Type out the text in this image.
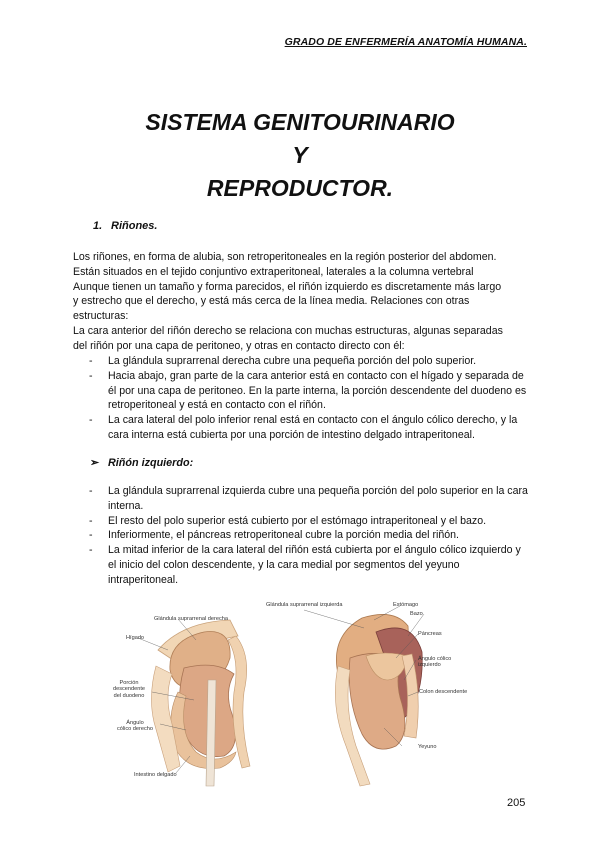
GRADO DE ENFERMERÍA ANATOMÍA HUMANA.
SISTEMA GENITOURINARIO
Y
REPRODUCTOR.
1. Riñones.

Los riñones, en forma de alubia, son retroperitoneales en la región posterior del abdomen.

Están situados en el tejido conjuntivo extraperitoneal, laterales a la columna vertebral

Aunque tienen un tamaño y forma parecidos, el riñón izquierdo es discretamente más largo

y estrecho que el derecho, y está más cerca de la línea media. Relaciones con otras

estructuras:

La cara anterior del riñón derecho se relaciona con muchas estructuras, algunas separadas

del riñón por una capa de peritoneo, y otras en contacto directo con él:

- La glándula suprarrenal derecha cubre una pequeña porción del polo superior.
- Hacia abajo, gran parte de la cara anterior está en contacto con el hígado y separada de él por una capa de peritoneo. En la parte interna, la porción descendente del duodeno es retroperitoneal y está en contacto con el riñón.
- La cara lateral del polo inferior renal está en contacto con el ángulo cólico derecho, y la cara interna está cubierta por una porción de intestino delgado intraperitoneal.
➢ Riñón izquierdo:
- La glándula suprarrenal izquierda cubre una pequeña porción del polo superior en la cara interna.
- El resto del polo superior está cubierto por el estómago intraperitoneal y el bazo.
- Inferiormente, el páncreas retroperitoneal cubre la porción media del riñón.
- La mitad inferior de la cara lateral del riñón está cubierta por el ángulo cólico izquierdo y el inicio del colon descendente, y la cara medial por segmentos del yeyuno intraperitoneal.
Glándula suprarrenal derecha
Hígado
Porción
descendente
del duodeno
Ángulo
cólico derecho
Intestino delgado
Glándula suprarrenal izquierda	Estómago
Bazo
Páncreas
Ángulo cólico
izquierdo
Colon descendente
Yeyuno
205
